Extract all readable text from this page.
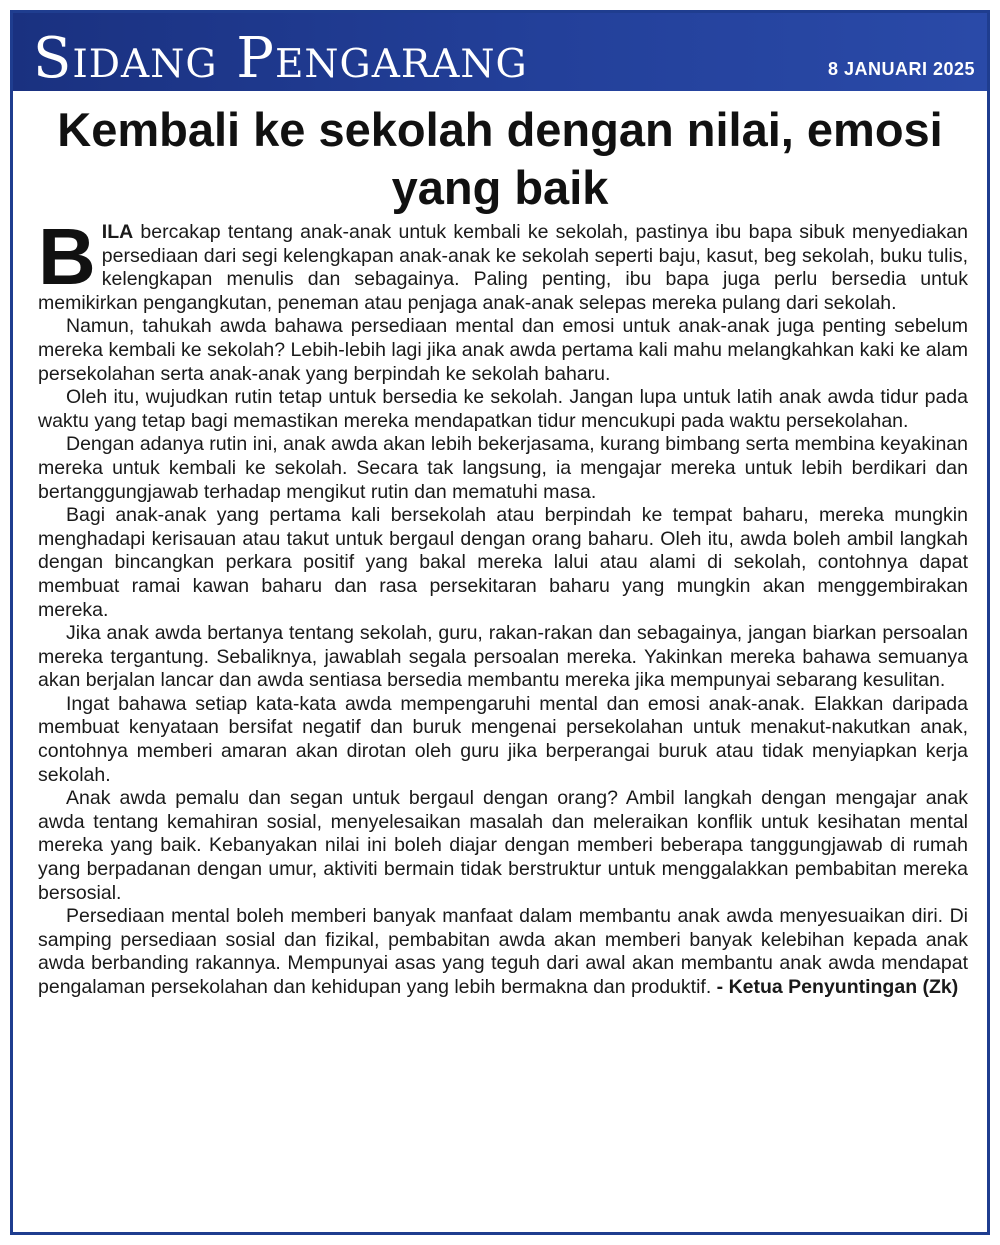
Sidang Pengarang	8 JANUARI 2025
Kembali ke sekolah dengan nilai, emosi yang baik

BILA bercakap tentang anak-anak untuk kembali ke sekolah, pastinya ibu bapa sibuk menyediakan persediaan dari segi kelengkapan anak-anak ke sekolah seperti baju, kasut, beg sekolah, buku tulis, kelengkapan menulis dan sebagainya. Paling penting, ibu bapa juga perlu bersedia untuk memikirkan pengangkutan, peneman atau penjaga anak-anak selepas mereka pulang dari sekolah.

Namun, tahukah awda bahawa persediaan mental dan emosi untuk anak-anak juga penting sebelum mereka kembali ke sekolah? Lebih-lebih lagi jika anak awda pertama kali mahu melangkahkan kaki ke alam persekolahan serta anak-anak yang berpindah ke sekolah baharu.

Oleh itu, wujudkan rutin tetap untuk bersedia ke sekolah. Jangan lupa untuk latih anak awda tidur pada waktu yang tetap bagi memastikan mereka mendapatkan tidur mencukupi pada waktu persekolahan.

Dengan adanya rutin ini, anak awda akan lebih bekerjasama, kurang bimbang serta membina keyakinan mereka untuk kembali ke sekolah. Secara tak langsung, ia mengajar mereka untuk lebih berdikari dan bertanggungjawab terhadap mengikut rutin dan mematuhi masa.

Bagi anak-anak yang pertama kali bersekolah atau berpindah ke tempat baharu, mereka mungkin menghadapi kerisauan atau takut untuk bergaul dengan orang baharu. Oleh itu, awda boleh ambil langkah dengan bincangkan perkara positif yang bakal mereka lalui atau alami di sekolah, contohnya dapat membuat ramai kawan baharu dan rasa persekitaran baharu yang mungkin akan menggembirakan mereka.

Jika anak awda bertanya tentang sekolah, guru, rakan-rakan dan sebagainya, jangan biarkan persoalan mereka tergantung. Sebaliknya, jawablah segala persoalan mereka. Yakinkan mereka bahawa semuanya akan berjalan lancar dan awda sentiasa bersedia membantu mereka jika mempunyai sebarang kesulitan.

Ingat bahawa setiap kata-kata awda mempengaruhi mental dan emosi anak-anak. Elakkan daripada membuat kenyataan bersifat negatif dan buruk mengenai persekolahan untuk menakut-nakutkan anak, contohnya memberi amaran akan dirotan oleh guru jika berperangai buruk atau tidak menyiapkan kerja sekolah.

Anak awda pemalu dan segan untuk bergaul dengan orang? Ambil langkah dengan mengajar anak awda tentang kemahiran sosial, menyelesaikan masalah dan meleraikan konflik untuk kesihatan mental mereka yang baik. Kebanyakan nilai ini boleh diajar dengan memberi beberapa tanggungjawab di rumah yang berpadanan dengan umur, aktiviti bermain tidak berstruktur untuk menggalakkan pembabitan mereka bersosial.

Persediaan mental boleh memberi banyak manfaat dalam membantu anak awda menyesuaikan diri. Di samping persediaan sosial dan fizikal, pembabitan awda akan memberi banyak kelebihan kepada anak awda berbanding rakannya. Mempunyai asas yang teguh dari awal akan membantu anak awda mendapat pengalaman persekolahan dan kehidupan yang lebih bermakna dan produktif. - Ketua Penyuntingan (Zk)
